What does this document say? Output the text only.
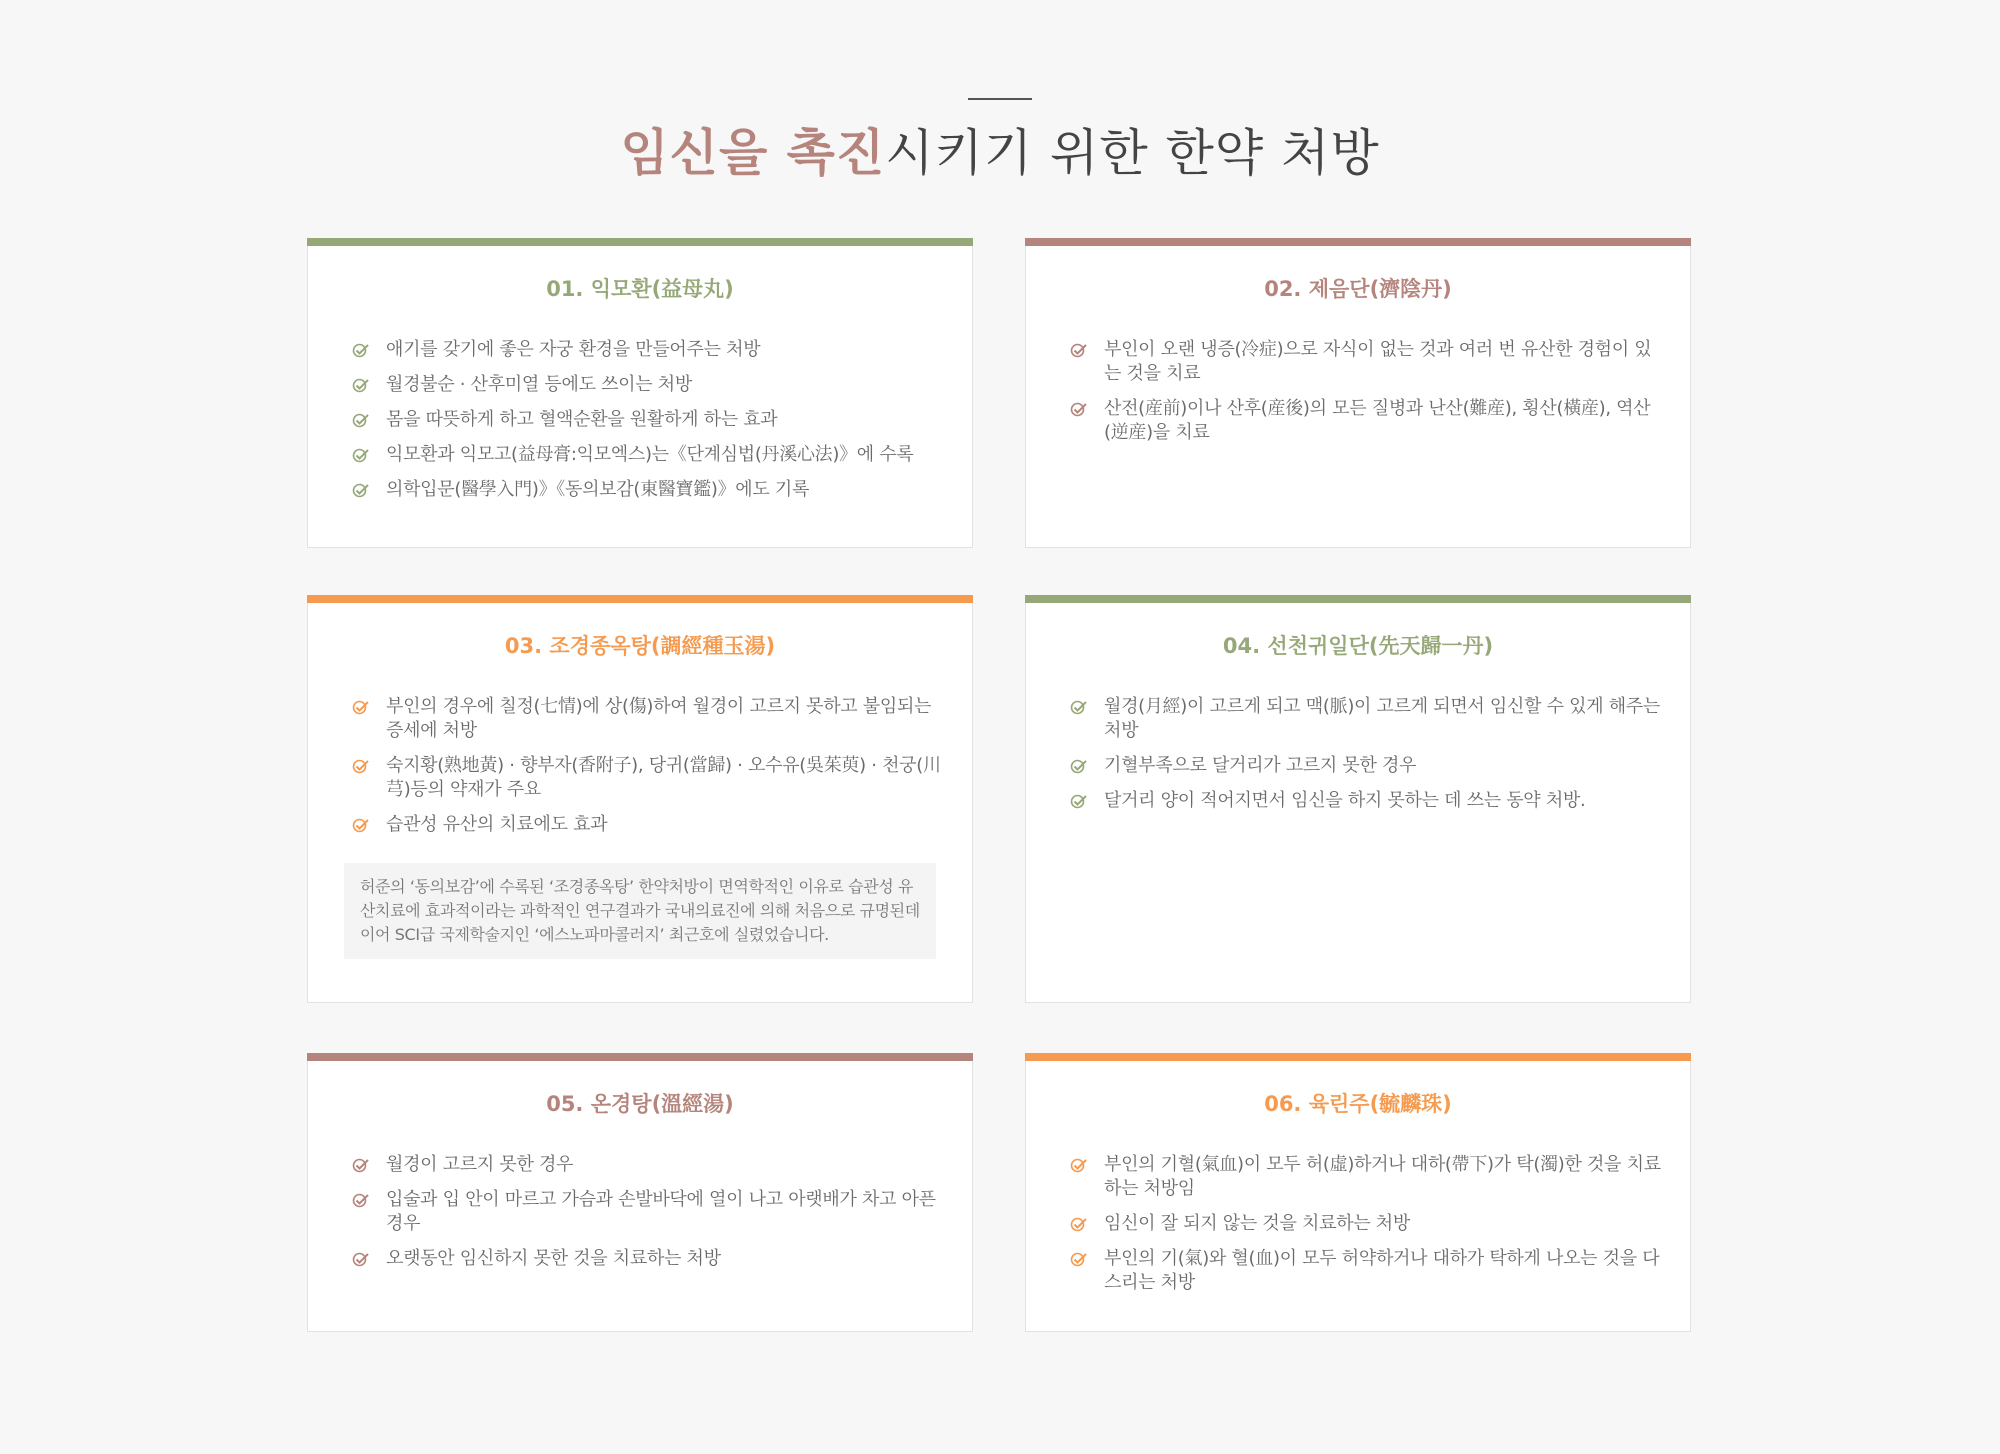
임신을 촉진시키기 위한 한약 처방
01. 익모환(益母丸)
애기를 갖기에 좋은 자궁 환경을 만들어주는 처방
월경불순 · 산후미열 등에도 쓰이는 처방
몸을 따뜻하게 하고 혈액순환을 원활하게 하는 효과
익모환과 익모고(益母膏:익모엑스)는《단계심법(丹溪心法)》에 수록
의학입문(醫學入門)》《동의보감(東醫寶鑑)》에도 기록
02. 제음단(濟陰丹)
부인이 오랜 냉증(冷症)으로 자식이 없는 것과 여러 번 유산한 경험이 있는 것을 치료
산전(産前)이나 산후(産後)의 모든 질병과 난산(難産), 횡산(橫産), 역산(逆産)을 치료
03. 조경종옥탕(調經種玉湯)
부인의 경우에 칠정(七情)에 상(傷)하여 월경이 고르지 못하고 불임되는 증세에 처방
숙지황(熟地黃) · 향부자(香附子), 당귀(當歸) · 오수유(吳茱萸) · 천궁(川芎)등의 약재가 주요
습관성 유산의 치료에도 효과
허준의 ‘동의보감’에 수록된 ‘조경종옥탕’ 한약처방이 면역학적인 이유로 습관성 유산치료에 효과적이라는 과학적인 연구결과가 국내의료진에 의해 처음으로 규명된데 이어 SCI급 국제학술지인 ‘에스노파마콜러지’ 최근호에 실렸었습니다.
04. 선천귀일단(先天歸一丹)
월경(月經)이 고르게 되고 맥(脈)이 고르게 되면서 임신할 수 있게 해주는 처방
기혈부족으로 달거리가 고르지 못한 경우
달거리 양이 적어지면서 임신을 하지 못하는 데 쓰는 동약 처방.
05. 온경탕(溫經湯)
월경이 고르지 못한 경우
입술과 입 안이 마르고 가슴과 손발바닥에 열이 나고 아랫배가 차고 아픈 경우
오랫동안 임신하지 못한 것을 치료하는 처방
06. 육린주(毓麟珠)
부인의 기혈(氣血)이 모두 허(虛)하거나 대하(帶下)가 탁(濁)한 것을 치료하는 처방임
임신이 잘 되지 않는 것을 치료하는 처방
부인의 기(氣)와 혈(血)이 모두 허약하거나 대하가 탁하게 나오는 것을 다스리는 처방
